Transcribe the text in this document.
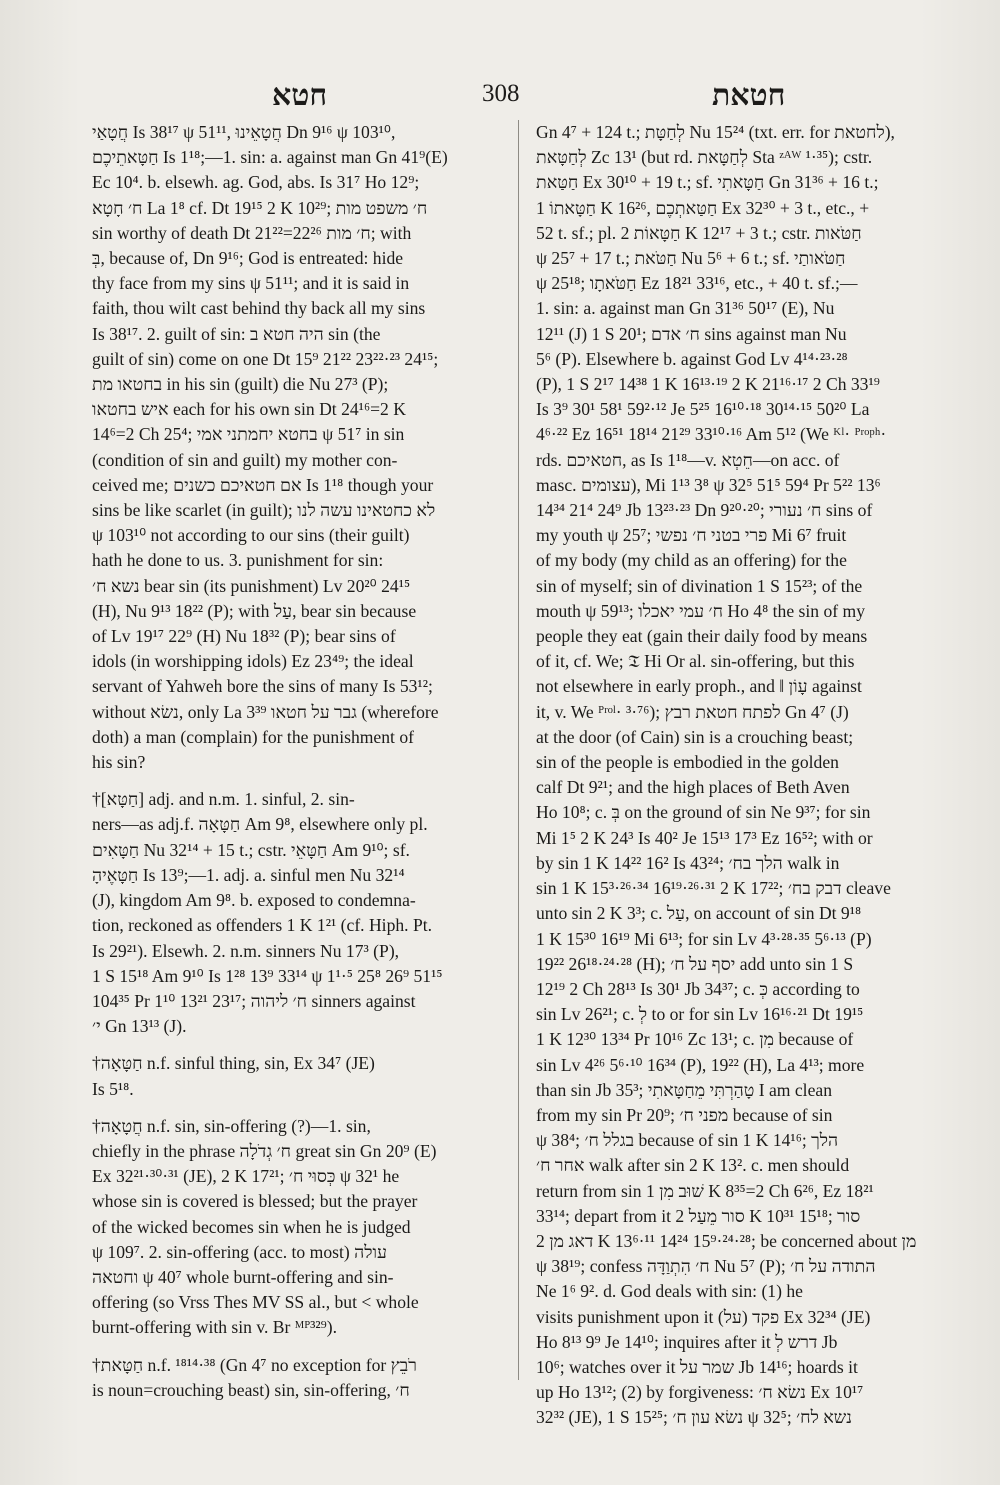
חטא	308	חטאת
חֲטָאַי Is 38¹⁷ ψ 51¹¹, חֲטָאֵינוּ Dn 9¹⁶ ψ 103¹⁰,
חַטָּאתֵיכֶם Is 1¹⁸;—1. sin: a. against man Gn 41⁹(E)
Ec 10⁴. b. elsewh. ag. God, abs. Is 31⁷ Ho 12⁹;
ח׳ חָטָא La 1⁸ cf. Dt 19¹⁵ 2 K 10²⁹; ח׳ משפט מות
sin worthy of death Dt 21²²=ח׳ מות 22²⁶; with
בְּ, because of, Dn 9¹⁶; God is entreated: hide
thy face from my sins ψ 51¹¹; and it is said in
faith, thou wilt cast behind thy back all my sins
Is 38¹⁷. 2. guilt of sin: היה חטא ב sin (the
guilt of sin) come on one Dt 15⁹ 21²² 23²²·²³ 24¹⁵;
בחטאו מת in his sin (guilt) die Nu 27³ (P);
איש בחטאו each for his own sin Dt 24¹⁶=2 K
14⁶=2 Ch 25⁴; בחטא יחמתני אמי ψ 51⁷ in sin
(condition of sin and guilt) my mother con-
ceived me; אם חטאיכם כשנים Is 1¹⁸ though your
sins be like scarlet (in guilt); לא כחטאינו עשה לנו
ψ 103¹⁰ not according to our sins (their guilt)
hath he done to us. 3. punishment for sin:
נשא ח׳ bear sin (its punishment) Lv 20²⁰ 24¹⁵
(H), Nu 9¹³ 18²² (P); with עַל, bear sin because
of Lv 19¹⁷ 22⁹ (H) Nu 18³² (P); bear sins of
idols (in worshipping idols) Ez 23⁴⁹; the ideal
servant of Yahweh bore the sins of many Is 53¹²;
without נשׂא, only La 3³⁹ גבר על חטאו (wherefore
doth) a man (complain) for the punishment of
his sin?
†[חַטָּא] adj. and n.m. 1. sinful, 2. sin-
ners—as adj.f. חַטָּאָה Am 9⁸, elsewhere only pl.
חַטָּאִים Nu 32¹⁴ + 15 t.; cstr. חַטָּאֵי Am 9¹⁰; sf.
חַטָּאֶיהָ Is 13⁹;—1. adj. a. sinful men Nu 32¹⁴
(J), kingdom Am 9⁸. b. exposed to condemna-
tion, reckoned as offenders 1 K 1²¹ (cf. Hiph. Pt.
Is 29²¹). Elsewh. 2. n.m. sinners Nu 17³ (P),
1 S 15¹⁸ Am 9¹⁰ Is 1²⁸ 13⁹ 33¹⁴ ψ 1¹·⁵ 25⁸ 26⁹ 51¹⁵
104³⁵ Pr 1¹⁰ 13²¹ 23¹⁷; ח׳ ליהוה sinners against
י׳ Gn 13¹³ (J).
†חַטָּאָה n.f. sinful thing, sin, Ex 34⁷ (JE)
Is 5¹⁸.
†חֲטָאָה n.f. sin, sin-offering (?)—1. sin,
chiefly in the phrase ח׳ גְדֹלָה great sin Gn 20⁹ (E)
Ex 32²¹·³⁰·³¹ (JE), 2 K 17²¹; כְּסוּי ח׳ ψ 32¹ he
whose sin is covered is blessed; but the prayer
of the wicked becomes sin when he is judged
ψ 109⁷. 2. sin-offering (acc. to most) עולה
וחטאה ψ 40⁷ whole burnt-offering and sin-
offering (so Vrss Thes MV SS al., but < whole
burnt-offering with sin v. Br ᴹᴾ³²⁹).
†חַטָּאת n.f. ¹⁸¹⁴·³⁸ (Gn 4⁷ no exception for רֹבֵץ
is noun=crouching beast) sin, sin-offering, ח׳
Gn 4⁷ + 124 t.; לְחַטָּת Nu 15²⁴ (txt. err. for לחטאת),
לְחַטָּאת Zc 13¹ (but rd. לְחַטָּאת Sta ᶻᴬᵂ ¹·³⁵); cstr.
חַטַּאת Ex 30¹⁰ + 19 t.; sf. חַטָּאתִי Gn 31³⁶ + 16 t.;
חַטָּאתוֹ 1 K 16²⁶, חַטַּאתְכֶם Ex 32³⁰ + 3 t., etc., +
52 t. sf.; pl. חַטָּאוֹת 2 K 12¹⁷ + 3 t.; cstr. חַטֹּאות
ψ 25⁷ + 17 t.; חַטֹּאת Nu 5⁶ + 6 t.; sf. חַטֹּאותַי
ψ 25¹⁸; חַטֹּאתָו Ez 18²¹ 33¹⁶, etc., + 40 t. sf.;—
1. sin: a. against man Gn 31³⁶ 50¹⁷ (E), Nu
12¹¹ (J) 1 S 20¹; ח׳ אדם sins against man Nu
5⁶ (P). Elsewhere b. against God Lv 4¹⁴·²³·²⁸
(P), 1 S 2¹⁷ 14³⁸ 1 K 16¹³·¹⁹ 2 K 21¹⁶·¹⁷ 2 Ch 33¹⁹
Is 3⁹ 30¹ 58¹ 59²·¹² Je 5²⁵ 16¹⁰·¹⁸ 30¹⁴·¹⁵ 50²⁰ La
4⁶·²² Ez 16⁵¹ 18¹⁴ 21²⁹ 33¹⁰·¹⁶ Am 5¹² (We ᴷˡ· ᴾʳᵒᵖʰ·
rds. חטאיכם, as Is 1¹⁸—v. חֵטְא—on acc. of
masc. עצומים), Mi 1¹³ 3⁸ ψ 32⁵ 51⁵ 59⁴ Pr 5²² 13⁶
14³⁴ 21⁴ 24⁹ Jb 13²³·²³ Dn 9²⁰·²⁰; ח׳ נעורי sins of
my youth ψ 25⁷; פרי בטני ח׳ נפשי Mi 6⁷ fruit
of my body (my child as an offering) for the
sin of myself; sin of divination 1 S 15²³; of the
mouth ψ 59¹³; ח׳ עמי יאכלו Ho 4⁸ the sin of my
people they eat (gain their daily food by means
of it, cf. We; 𝔗 Hi Or al. sin-offering, but this
not elsewhere in early proph., and ‖ עָוֹן against
it, v. We ᴾʳᵒˡ· ³·⁷⁶); לפתח חטאת רבץ Gn 4⁷ (J)
at the door (of Cain) sin is a crouching beast;
sin of the people is embodied in the golden
calf Dt 9²¹; and the high places of Beth Aven
Ho 10⁸; c. בְּ on the ground of sin Ne 9³⁷; for sin
Mi 1⁵ 2 K 24³ Is 40² Je 15¹³ 17³ Ez 16⁵²; with or
by sin 1 K 14²² 16² Is 43²⁴; הלך בח׳ walk in
sin 1 K 15³·²⁶·³⁴ 16¹⁹·²⁶·³¹ 2 K 17²²; דבק בח׳ cleave
unto sin 2 K 3³; c. עַל, on account of sin Dt 9¹⁸
1 K 15³⁰ 16¹⁹ Mi 6¹³; for sin Lv 4³·²⁸·³⁵ 5⁶·¹³ (P)
19²² 26¹⁸·²⁴·²⁸ (H); יסף על ח׳ add unto sin 1 S
12¹⁹ 2 Ch 28¹³ Is 30¹ Jb 34³⁷; c. כְּ according to
sin Lv 26²¹; c. לְ to or for sin Lv 16¹⁶·²¹ Dt 19¹⁵
1 K 12³⁰ 13³⁴ Pr 10¹⁶ Zc 13¹; c. מִן because of
sin Lv 4²⁶ 5⁶·¹⁰ 16³⁴ (P), 19²² (H), La 4¹³; more
than sin Jb 35³; טָהַרְתִּי מֵחַטָּאתִי I am clean
from my sin Pr 20⁹; מפני ח׳ because of sin
ψ 38⁴; בגלל ח׳ because of sin 1 K 14¹⁶; הלך
אחר ח׳ walk after sin 2 K 13². c. men should
return from sin שׁוּב מִן 1 K 8³⁵=2 Ch 6²⁶, Ez 18²¹
33¹⁴; depart from it סור מֵעַל 2 K 10³¹ 15¹⁸; סור
דאג מן 2 K 13⁶·¹¹ 14²⁴ 15⁹·²⁴·²⁸; be concerned about מן
ψ 38¹⁹; confess ח׳ הִתְוַדָּה Nu 5⁷ (P); התודה על ח׳
Ne 1⁶ 9². d. God deals with sin: (1) he
visits punishment upon it (על) פקד Ex 32³⁴ (JE)
Ho 8¹³ 9⁹ Je 14¹⁰; inquires after it דרש לְ Jb
10⁶; watches over it שמר על Jb 14¹⁶; hoards it
up Ho 13¹²; (2) by forgiveness: נשׂא ח׳ Ex 10¹⁷
32³² (JE), 1 S 15²⁵; נשׂא עון ח׳ ψ 32⁵; נשא לח׳
